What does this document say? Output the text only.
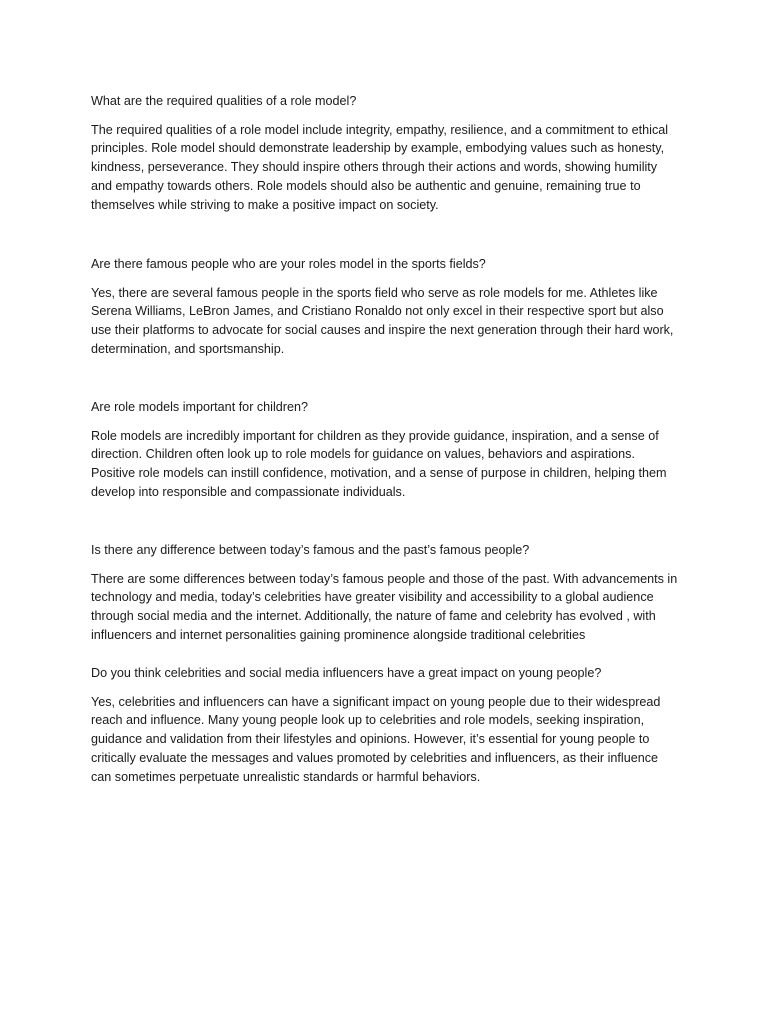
What are the required qualities of a role model?

The required qualities of a role model include integrity, empathy, resilience, and a commitment to ethical principles. Role model should demonstrate leadership by example, embodying values such as honesty, kindness, perseverance. They should inspire others through their actions and words, showing humility and empathy towards others. Role models should also be authentic and genuine, remaining true to themselves while striving to make a positive impact on society.

Are there famous people who are your roles model in the sports fields?

Yes, there are several famous people in the sports field who serve as role models for me. Athletes like Serena Williams, LeBron James, and Cristiano Ronaldo not only excel in their respective sport but also use their platforms to advocate for social causes and inspire the next generation through their hard work, determination, and sportsmanship.

Are role models important for children?

Role models are incredibly important for children as they provide guidance, inspiration, and a sense of direction. Children often look up to role models for guidance on values, behaviors and aspirations. Positive role models can instill confidence, motivation, and a sense of purpose in children, helping them develop into responsible and compassionate individuals.

Is there any difference between today’s famous and the past’s famous people?

There are some differences between today’s famous people and those of the past. With advancements in technology and media, today’s celebrities have greater visibility and accessibility to a global audience through social media and the internet. Additionally, the nature of fame and celebrity has evolved , with influencers and internet personalities gaining prominence alongside traditional celebrities

Do you think celebrities and social media influencers have a great impact on young people?

Yes, celebrities and influencers can have a significant impact on young people due to their widespread reach and influence. Many young people look up to celebrities and role models, seeking inspiration, guidance and validation from their lifestyles and opinions. However, it’s essential for young people to critically evaluate the messages and values promoted by celebrities and influencers, as their influence can sometimes perpetuate unrealistic standards or harmful behaviors.
